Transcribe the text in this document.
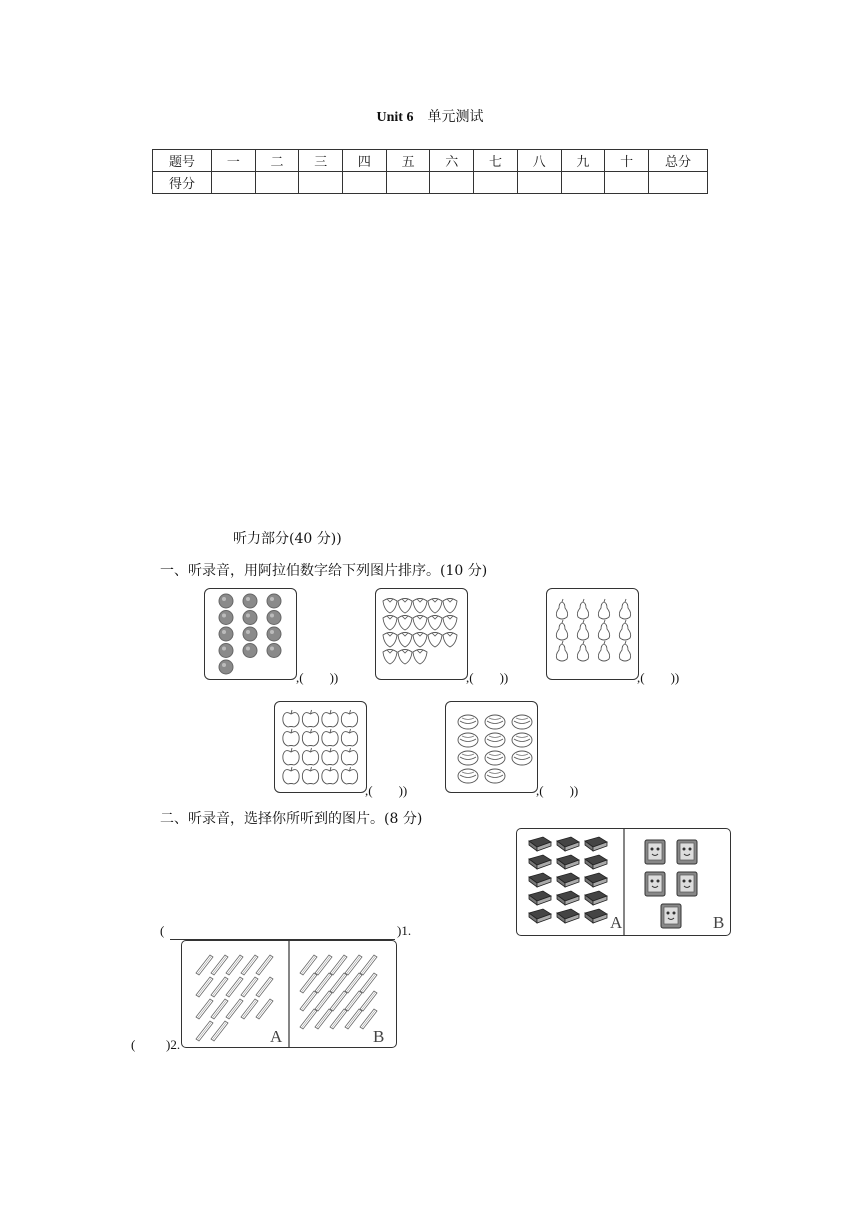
Unit 6 单元测试
题号	一	二	三	四	五	六	七	八	九	十	总分
得分											
听力部分(40 分))
一、听录音，用阿拉伯数字给下列图片排序。(10 分)
,(　　))	,(　　))	,(　　))
,(　　))	,(　　))
二、听录音，选择你所听到的图片。(8 分)
A	B
(	)1.
A	B
( )2.
